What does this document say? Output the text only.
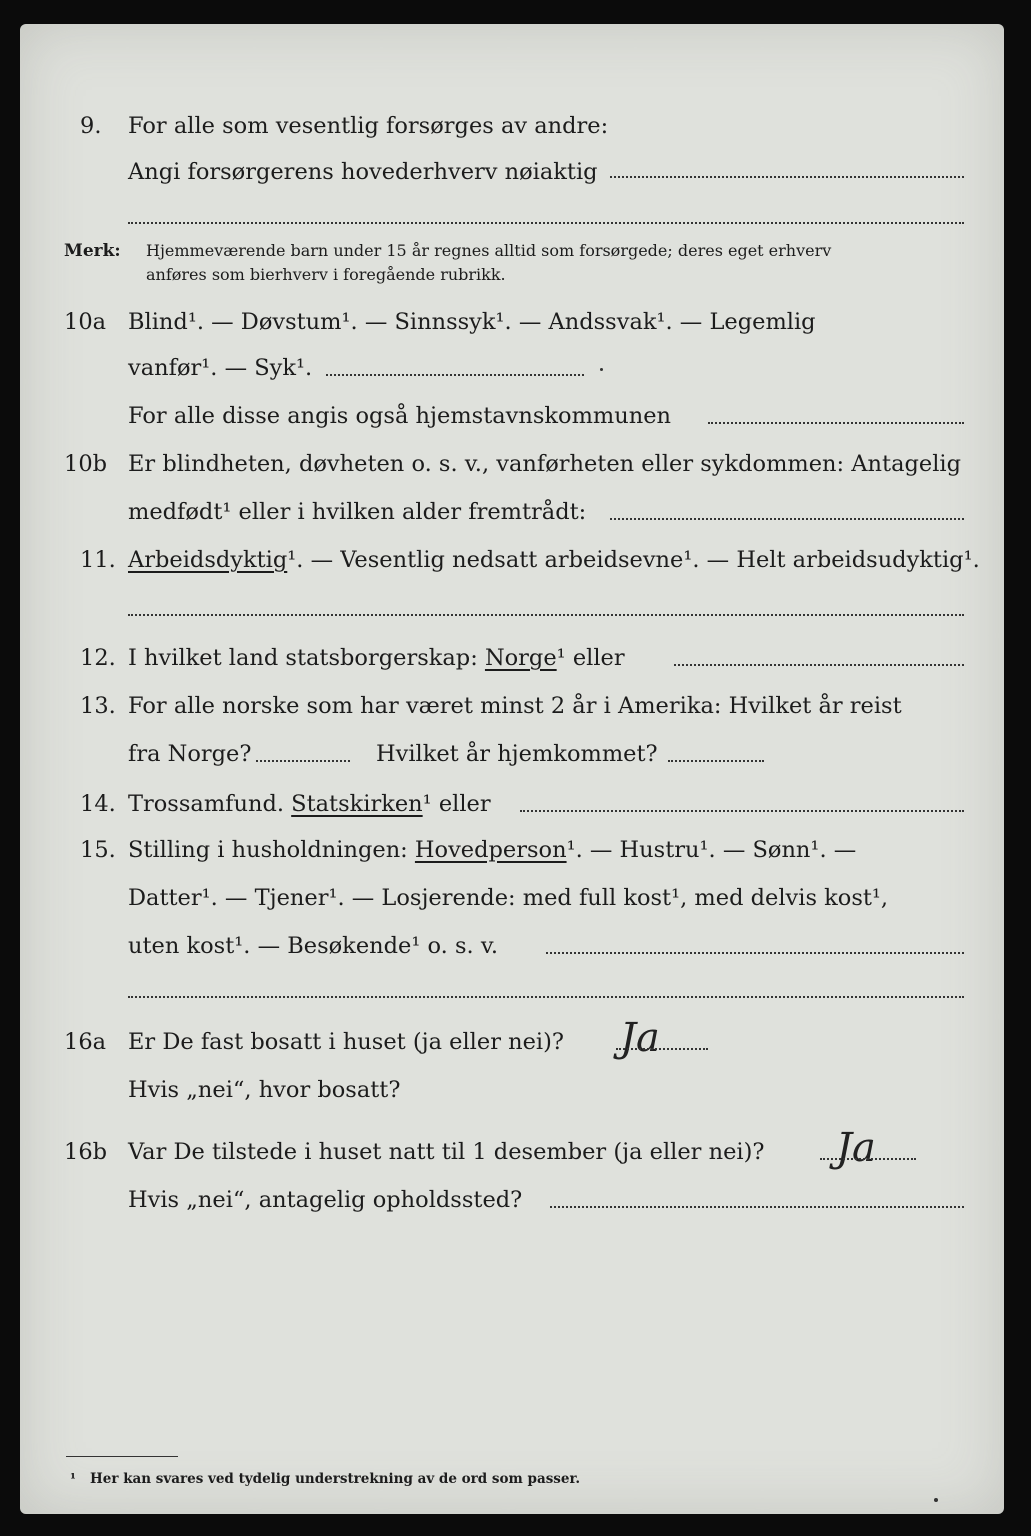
9. For alle som vesentlig forsørges av andre:
Angi forsørgerens hovederhverv nøiaktig
Merk: Hjemmeværende barn under 15 år regnes alltid som forsørgede; deres eget erhverv
anføres som bierhverv i foregående rubrikk.
10a Blind¹. — Døvstum¹. — Sinnssyk¹. — Andssvak¹. — Legemlig
vanfør¹. — Syk¹.
For alle disse angis også hjemstavnskommunen
10b Er blindheten, døvheten o. s. v., vanførheten eller sykdommen: Antagelig
medfødt¹ eller i hvilken alder fremtrådt:
11. Arbeidsdyktig¹. — Vesentlig nedsatt arbeidsevne¹. — Helt arbeidsudyktig¹.
12. I hvilket land statsborgerskap: Norge¹ eller
13. For alle norske som har været minst 2 år i Amerika: Hvilket år reist
fra Norge?	Hvilket år hjemkommet?
14. Trossamfund. Statskirken¹ eller
15. Stilling i husholdningen: Hovedperson¹. — Hustru¹. — Sønn¹. —
Datter¹. — Tjener¹. — Losjerende: med full kost¹, med delvis kost¹,
uten kost¹. — Besøkende¹ o. s. v.
16a Er De fast bosatt i huset (ja eller nei)? Ja
Hvis „nei“, hvor bosatt?
16b Var De tilstede i huset natt til 1 desember (ja eller nei)? Ja
Hvis „nei“, antagelig opholdssted?
¹ Her kan svares ved tydelig understrekning av de ord som passer.
